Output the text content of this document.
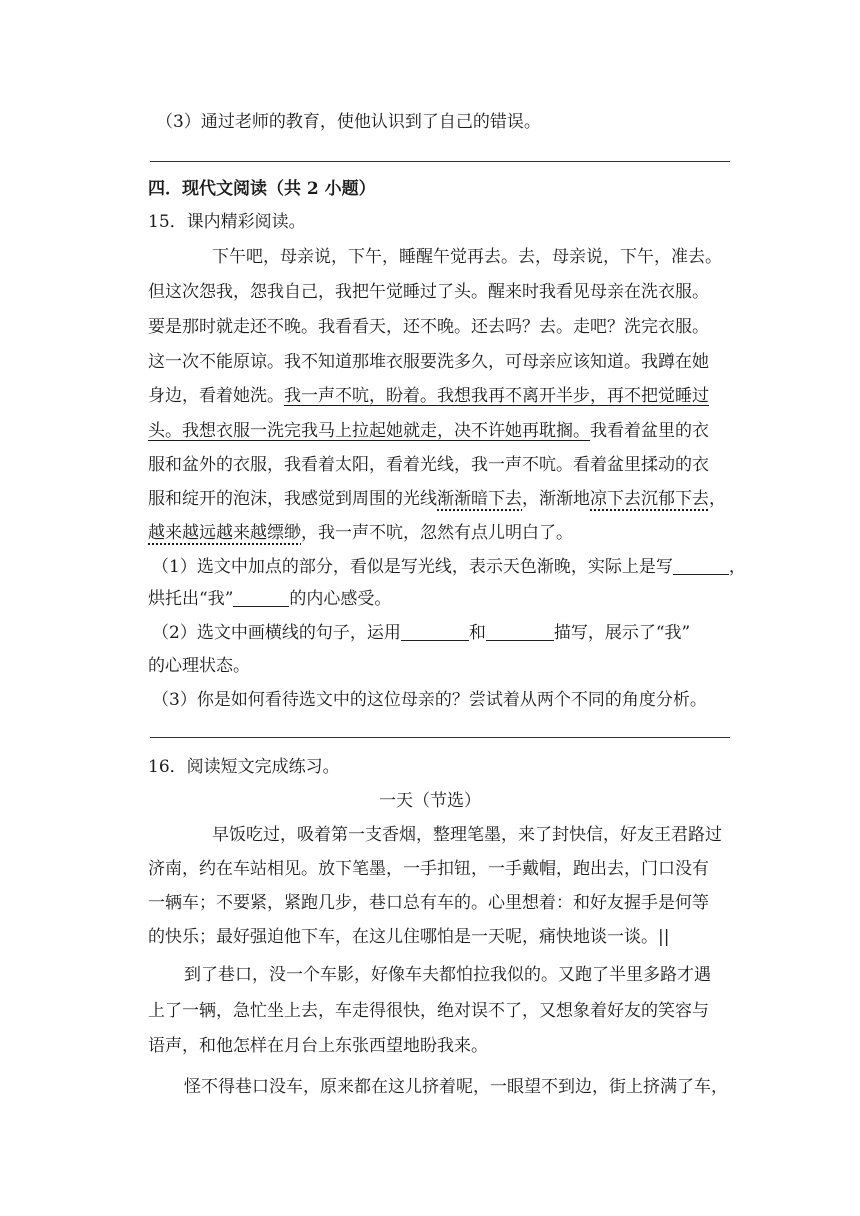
（3）通过老师的教育，使他认识到了自己的错误。
四．现代文阅读（共 2 小题）
15．课内精彩阅读。
下午吧，母亲说，下午，睡醒午觉再去。去，母亲说，下午，准去。
但这次怨我，怨我自己，我把午觉睡过了头。醒来时我看见母亲在洗衣服。
要是那时就走还不晚。我看看天，还不晚。还去吗？去。走吧？洗完衣服。
这一次不能原谅。我不知道那堆衣服要洗多久，可母亲应该知道。我蹲在她
身边，看着她洗。我一声不吭，盼着。我想我再不离开半步，再不把觉睡过
头。我想衣服一洗完我马上拉起她就走，决不许她再耽搁。我看着盆里的衣
服和盆外的衣服，我看着太阳，看着光线，我一声不吭。看着盆里揉动的衣
服和绽开的泡沫，我感觉到周围的光线渐渐暗下去，渐渐地凉下去沉郁下去，
越来越远越来越缥缈，我一声不吭，忽然有点儿明白了。
（1）选文中加点的部分，看似是写光线，表示天色渐晚，实际上是写	，
烘托出“我”	的内心感受。
（2）选文中画横线的句子，运用	和	描写，展示了“我”
的心理状态。
（3）你是如何看待选文中的这位母亲的？尝试着从两个不同的角度分析。
16．阅读短文完成练习。
一天（节选）
早饭吃过，吸着第一支香烟，整理笔墨，来了封快信，好友王君路过
济南，约在车站相见。放下笔墨，一手扣钮，一手戴帽，跑出去，门口没有
一辆车；不要紧，紧跑几步，巷口总有车的。心里想着：和好友握手是何等
的快乐；最好强迫他下车，在这儿住哪怕是一天呢，痛快地谈一谈。||
到了巷口，没一个车影，好像车夫都怕拉我似的。又跑了半里多路才遇
上了一辆，急忙坐上去，车走得很快，绝对误不了，又想象着好友的笑容与
语声，和他怎样在月台上东张西望地盼我来。
怪不得巷口没车，原来都在这儿挤着呢，一眼望不到边，街上挤满了车，
